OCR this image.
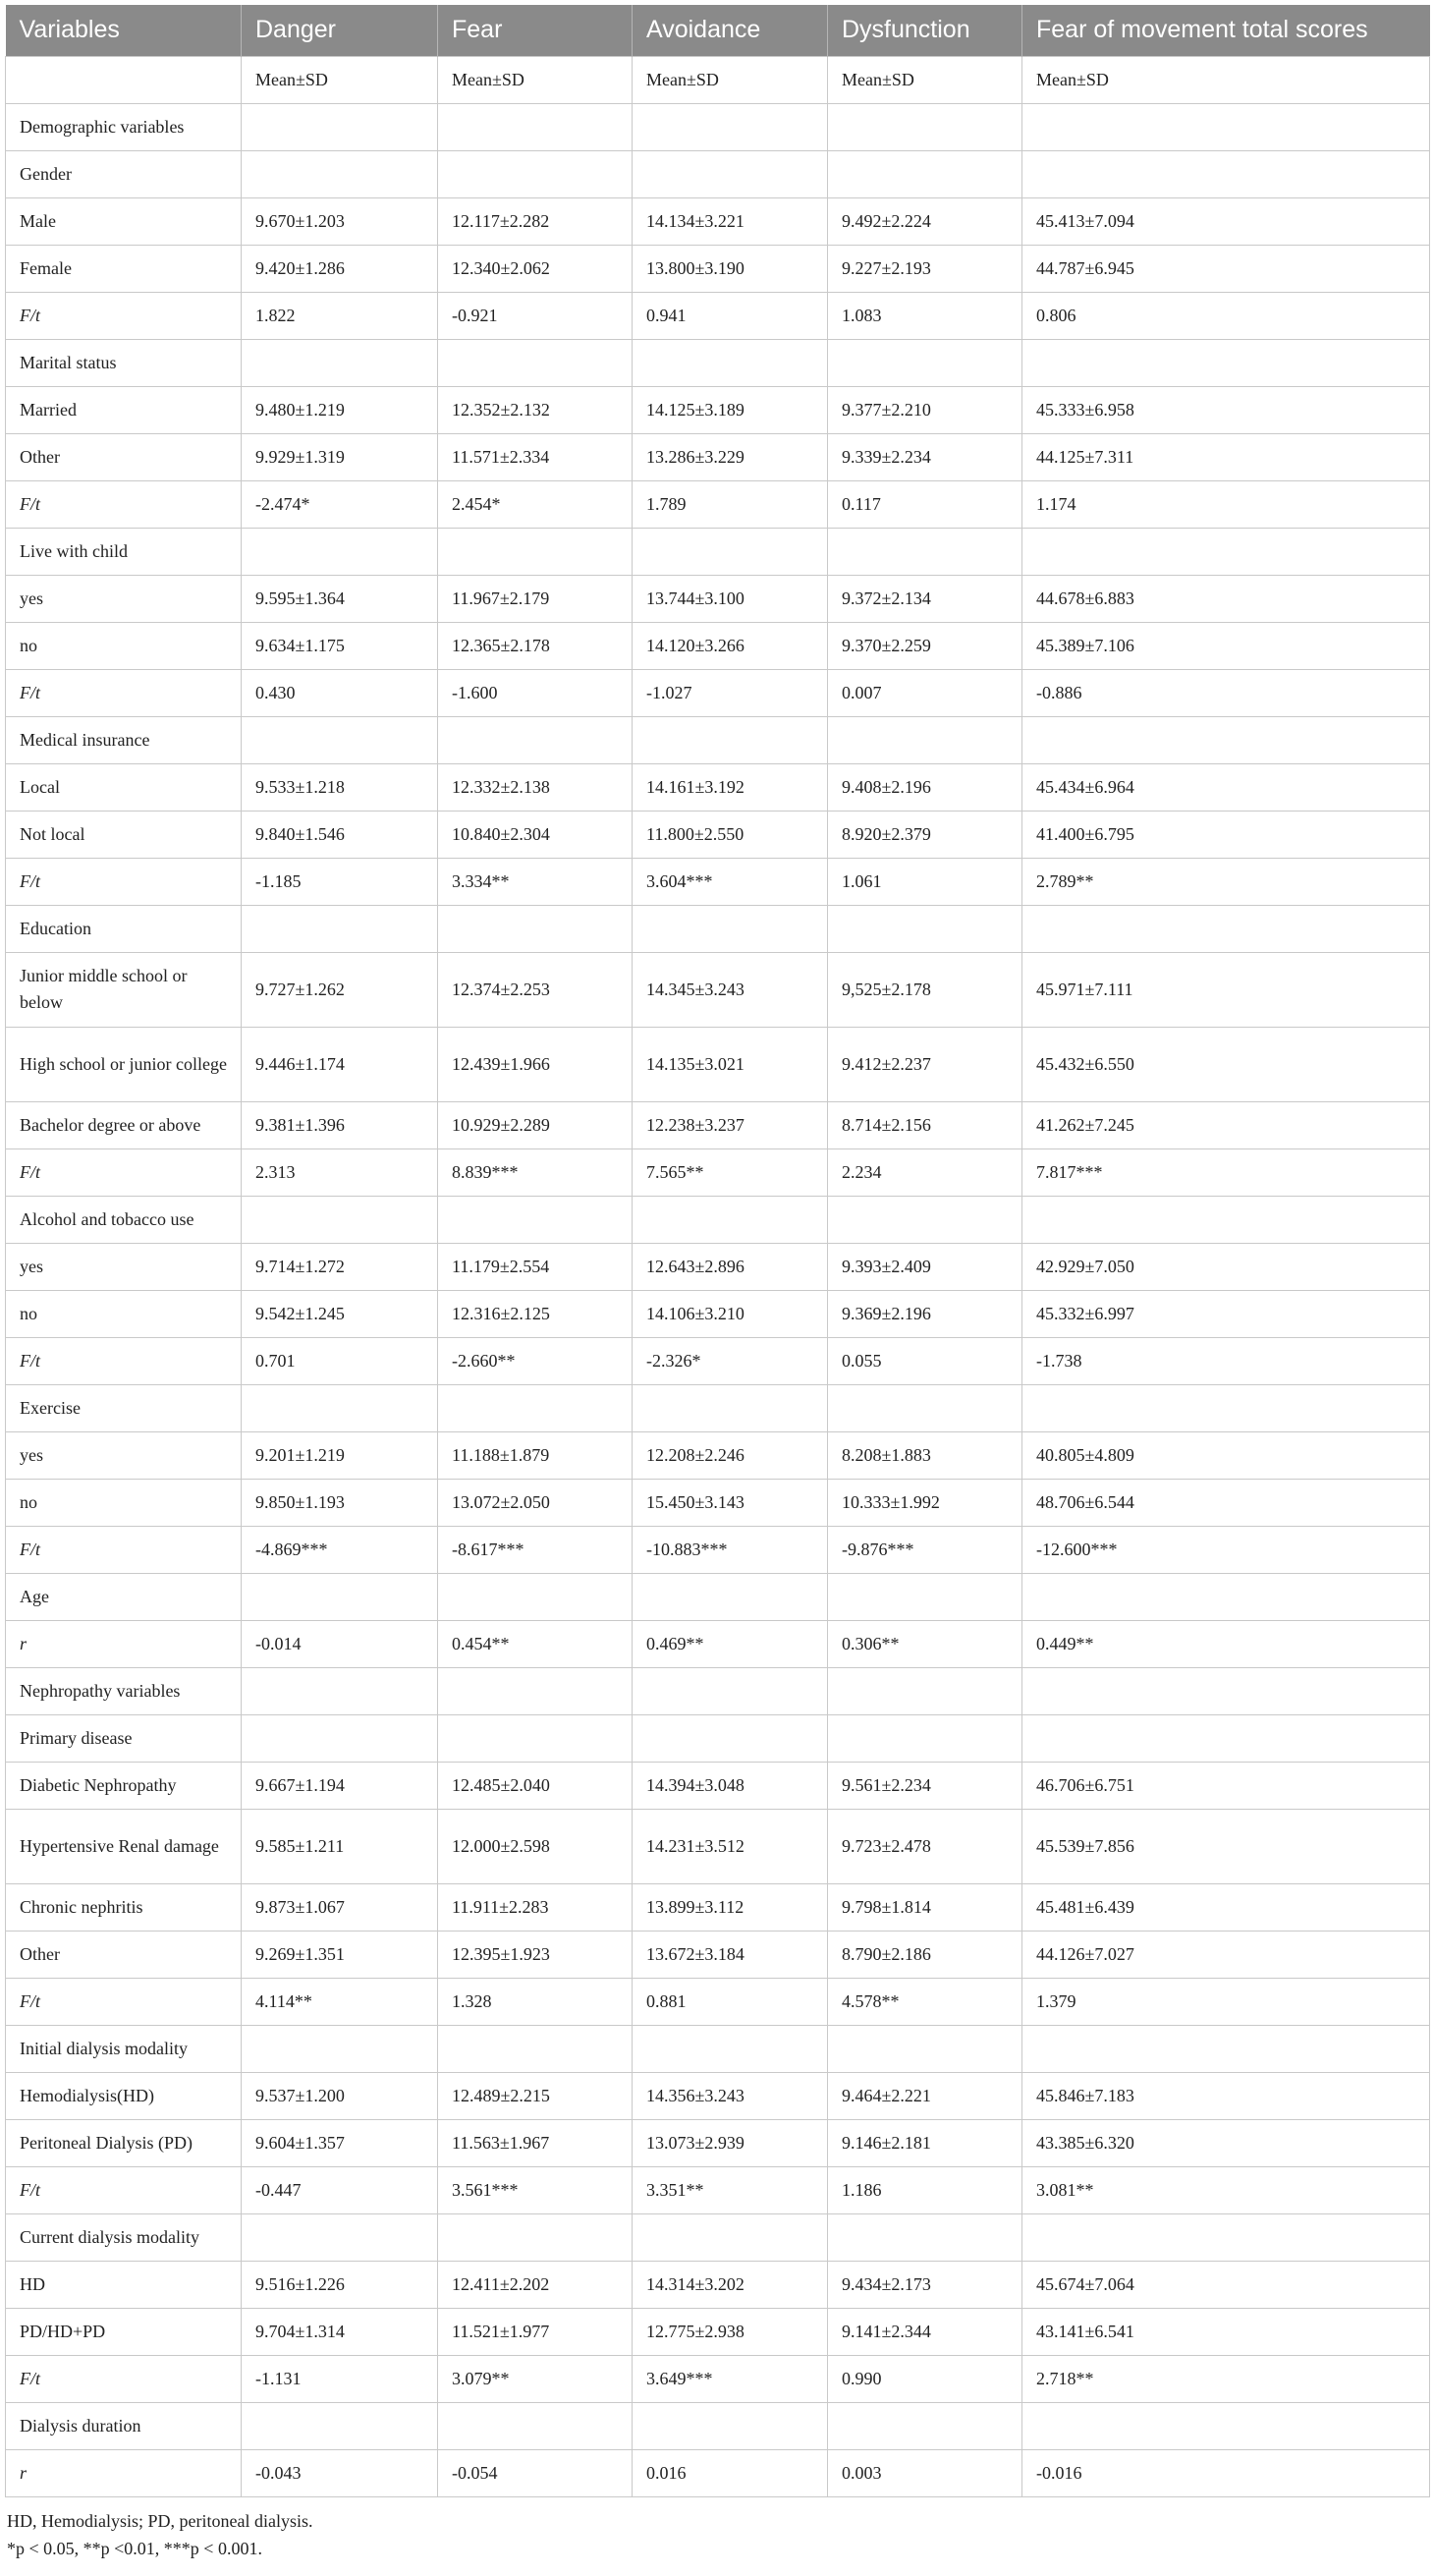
Variables	Danger	Fear	Avoidance	Dysfunction	Fear of movement total scores
	Mean±SD	Mean±SD	Mean±SD	Mean±SD	Mean±SD
Demographic variables					
Gender					
Male	9.670±1.203	12.117±2.282	14.134±3.221	9.492±2.224	45.413±7.094
Female	9.420±1.286	12.340±2.062	13.800±3.190	9.227±2.193	44.787±6.945
F/t	1.822	-0.921	0.941	1.083	0.806
Marital status					
Married	9.480±1.219	12.352±2.132	14.125±3.189	9.377±2.210	45.333±6.958
Other	9.929±1.319	11.571±2.334	13.286±3.229	9.339±2.234	44.125±7.311
F/t	-2.474*	2.454*	1.789	0.117	1.174
Live with child					
yes	9.595±1.364	11.967±2.179	13.744±3.100	9.372±2.134	44.678±6.883
no	9.634±1.175	12.365±2.178	14.120±3.266	9.370±2.259	45.389±7.106
F/t	0.430	-1.600	-1.027	0.007	-0.886
Medical insurance					
Local	9.533±1.218	12.332±2.138	14.161±3.192	9.408±2.196	45.434±6.964
Not local	9.840±1.546	10.840±2.304	11.800±2.550	8.920±2.379	41.400±6.795
F/t	-1.185	3.334**	3.604***	1.061	2.789**
Education					
Junior middle school or below	9.727±1.262	12.374±2.253	14.345±3.243	9,525±2.178	45.971±7.111
High school or junior college	9.446±1.174	12.439±1.966	14.135±3.021	9.412±2.237	45.432±6.550
Bachelor degree or above	9.381±1.396	10.929±2.289	12.238±3.237	8.714±2.156	41.262±7.245
F/t	2.313	8.839***	7.565**	2.234	7.817***
Alcohol and tobacco use					
yes	9.714±1.272	11.179±2.554	12.643±2.896	9.393±2.409	42.929±7.050
no	9.542±1.245	12.316±2.125	14.106±3.210	9.369±2.196	45.332±6.997
F/t	0.701	-2.660**	-2.326*	0.055	-1.738
Exercise					
yes	9.201±1.219	11.188±1.879	12.208±2.246	8.208±1.883	40.805±4.809
no	9.850±1.193	13.072±2.050	15.450±3.143	10.333±1.992	48.706±6.544
F/t	-4.869***	-8.617***	-10.883***	-9.876***	-12.600***
Age					
r	-0.014	0.454**	0.469**	0.306**	0.449**
Nephropathy variables					
Primary disease					
Diabetic Nephropathy	9.667±1.194	12.485±2.040	14.394±3.048	9.561±2.234	46.706±6.751
Hypertensive Renal damage	9.585±1.211	12.000±2.598	14.231±3.512	9.723±2.478	45.539±7.856
Chronic nephritis	9.873±1.067	11.911±2.283	13.899±3.112	9.798±1.814	45.481±6.439
Other	9.269±1.351	12.395±1.923	13.672±3.184	8.790±2.186	44.126±7.027
F/t	4.114**	1.328	0.881	4.578**	1.379
Initial dialysis modality					
Hemodialysis(HD)	9.537±1.200	12.489±2.215	14.356±3.243	9.464±2.221	45.846±7.183
Peritoneal Dialysis (PD)	9.604±1.357	11.563±1.967	13.073±2.939	9.146±2.181	43.385±6.320
F/t	-0.447	3.561***	3.351**	1.186	3.081**
Current dialysis modality					
HD	9.516±1.226	12.411±2.202	14.314±3.202	9.434±2.173	45.674±7.064
PD/HD+PD	9.704±1.314	11.521±1.977	12.775±2.938	9.141±2.344	43.141±6.541
F/t	-1.131	3.079**	3.649***	0.990	2.718**
Dialysis duration					
r	-0.043	-0.054	0.016	0.003	-0.016
HD, Hemodialysis; PD, peritoneal dialysis.
*p < 0.05, **p <0.01, ***p < 0.001.
